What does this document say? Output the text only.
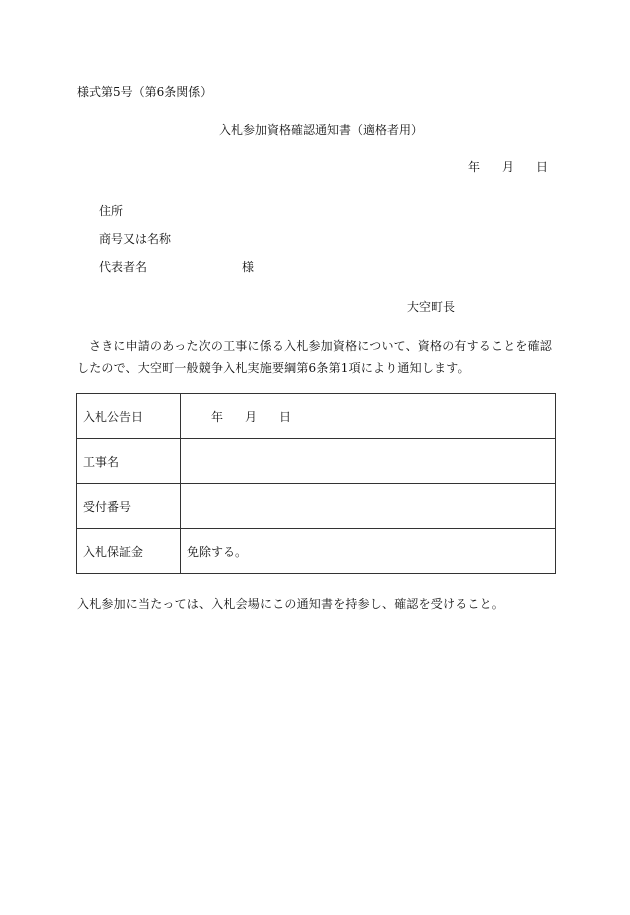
様式第5号（第6条関係）
入札参加資格確認通知書（適格者用）
年 月 日
住所
商号又は名称
代表者名	様
大空町長
さきに申請のあった次の工事に係る入札参加資格について、資格の有することを確認したので、大空町一般競争入札実施要綱第6条第1項により通知します。
入札公告日	年 月 日
工事名	
受付番号	
入札保証金	免除する。
入札参加に当たっては、入札会場にこの通知書を持参し、確認を受けること。
